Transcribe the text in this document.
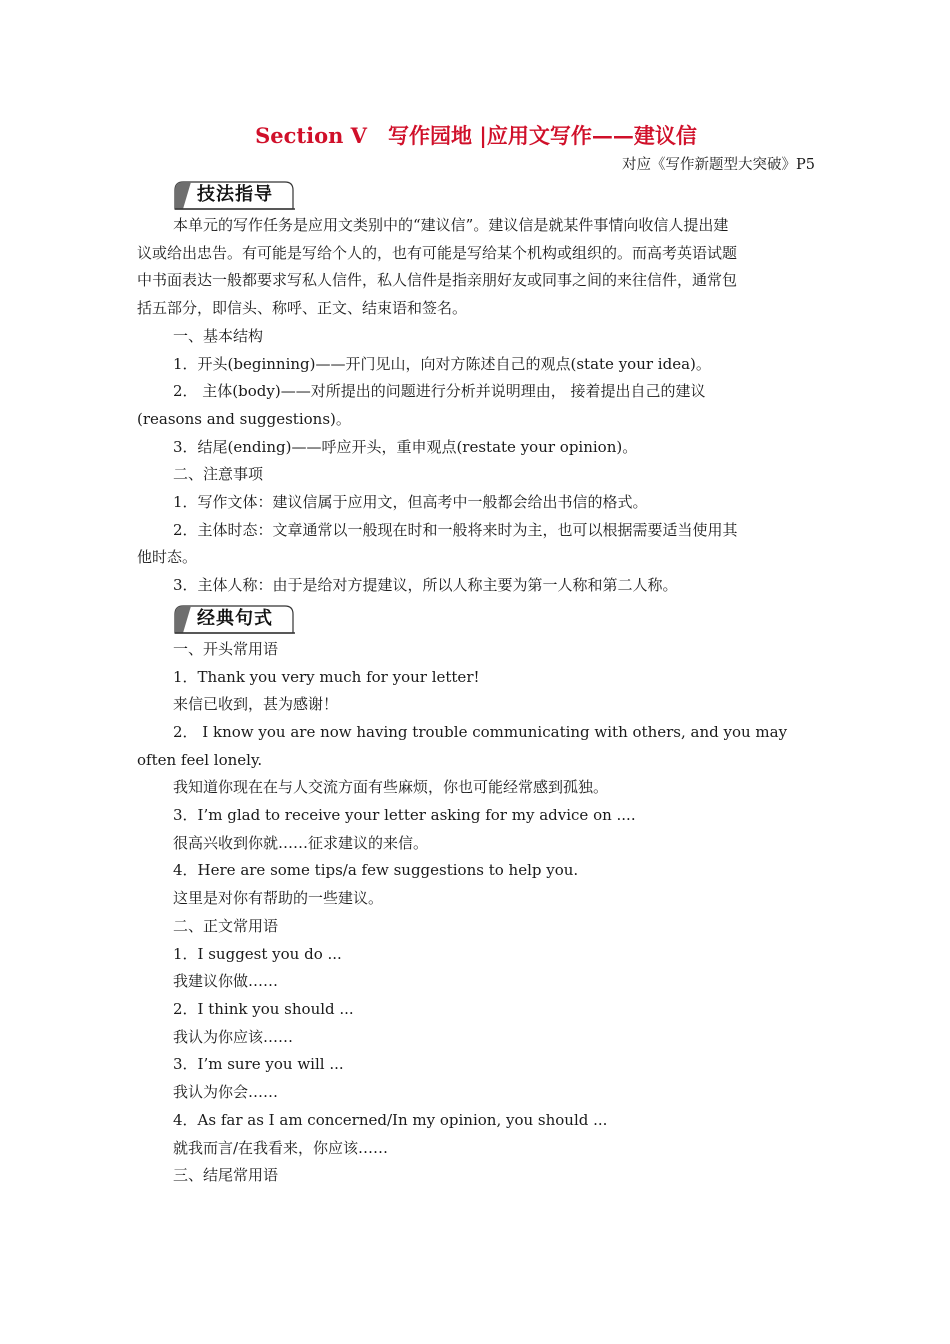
Section Ⅴ　写作园地 |应用文写作——建议信

对应《写作新题型大突破》P5

技法指导

本单元的写作任务是应用文类别中的“建议信”。建议信是就某件事情向收信人提出建

议或给出忠告。有可能是写给个人的，也有可能是写给某个机构或组织的。而高考英语试题

中书面表达一般都要求写私人信件，私人信件是指亲朋好友或同事之间的来往信件，通常包

括五部分，即信头、称呼、正文、结束语和签名。

一、基本结构

1．开头(beginning)——开门见山，向对方陈述自己的观点(state your idea)。

2． 主体(body)——对所提出的问题进行分析并说明理由， 接着提出自己的建议

(reasons and suggestions)。

3．结尾(ending)——呼应开头，重申观点(restate your opinion)。

二、注意事项

1．写作文体：建议信属于应用文，但高考中一般都会给出书信的格式。

2．主体时态：文章通常以一般现在时和一般将来时为主，也可以根据需要适当使用其

他时态。

3．主体人称：由于是给对方提建议，所以人称主要为第一人称和第二人称。

经典句式

一、开头常用语

1．Thank you very much for your letter!

来信已收到，甚为感谢！

2． I know you are now having trouble communicating with others, and you may

often feel lonely.

我知道你现在在与人交流方面有些麻烦，你也可能经常感到孤独。

3．I’m glad to receive your letter asking for my advice on ....

很高兴收到你就……征求建议的来信。

4．Here are some tips/a few suggestions to help you.

这里是对你有帮助的一些建议。

二、正文常用语

1．I suggest you do ...

我建议你做……

2．I think you should ...

我认为你应该……

3．I’m sure you will ...

我认为你会……

4．As far as I am concerned/In my opinion, you should ...

就我而言/在我看来，你应该……

三、结尾常用语
